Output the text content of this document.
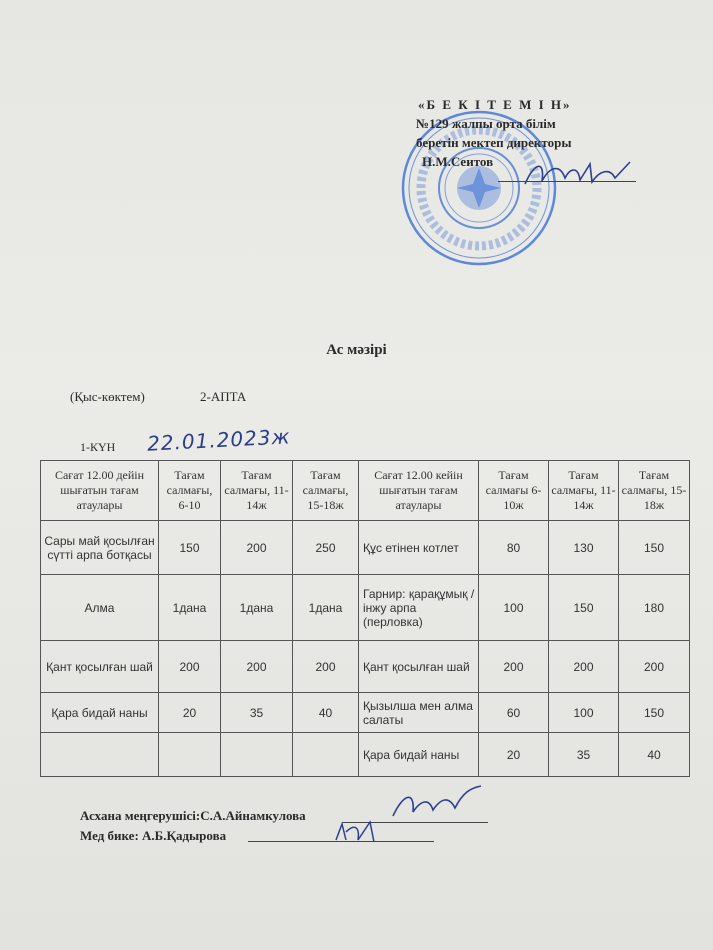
«Б Е К І Т Е М І Н»
№129 жалпы орта білім
беретін мектеп директоры
Н.М.Сеитов
Ас мәзірі
(Қыс-көктем)	2-АПТА
1-КҮН 22.01.2023ж
Сағат 12.00 дейін шығатын тағам атаулары	Тағам салмағы, 6-10	Тағам салмағы, 11-14ж	Тағам салмағы, 15-18ж	Сағат 12.00 кейін шығатын тағам атаулары	Тағам салмағы 6-10ж	Тағам салмағы, 11-14ж	Тағам салмағы, 15-18ж
Сары май қосылған сүтті арпа ботқасы	150	200	250	Құс етінен котлет	80	130	150
Алма	1дана	1дана	1дана	Гарнир: қарақұмық / інжу арпа (перловка)	100	150	180
Қант қосылған шай	200	200	200	Қант қосылған шай	200	200	200
Қара бидай наны	20	35	40	Қызылша мен алма салаты	60	100	150
				Қара бидай наны	20	35	40
Асхана меңгерушісі:С.А.Айнамкулова
Мед бике: А.Б.Қадырова
